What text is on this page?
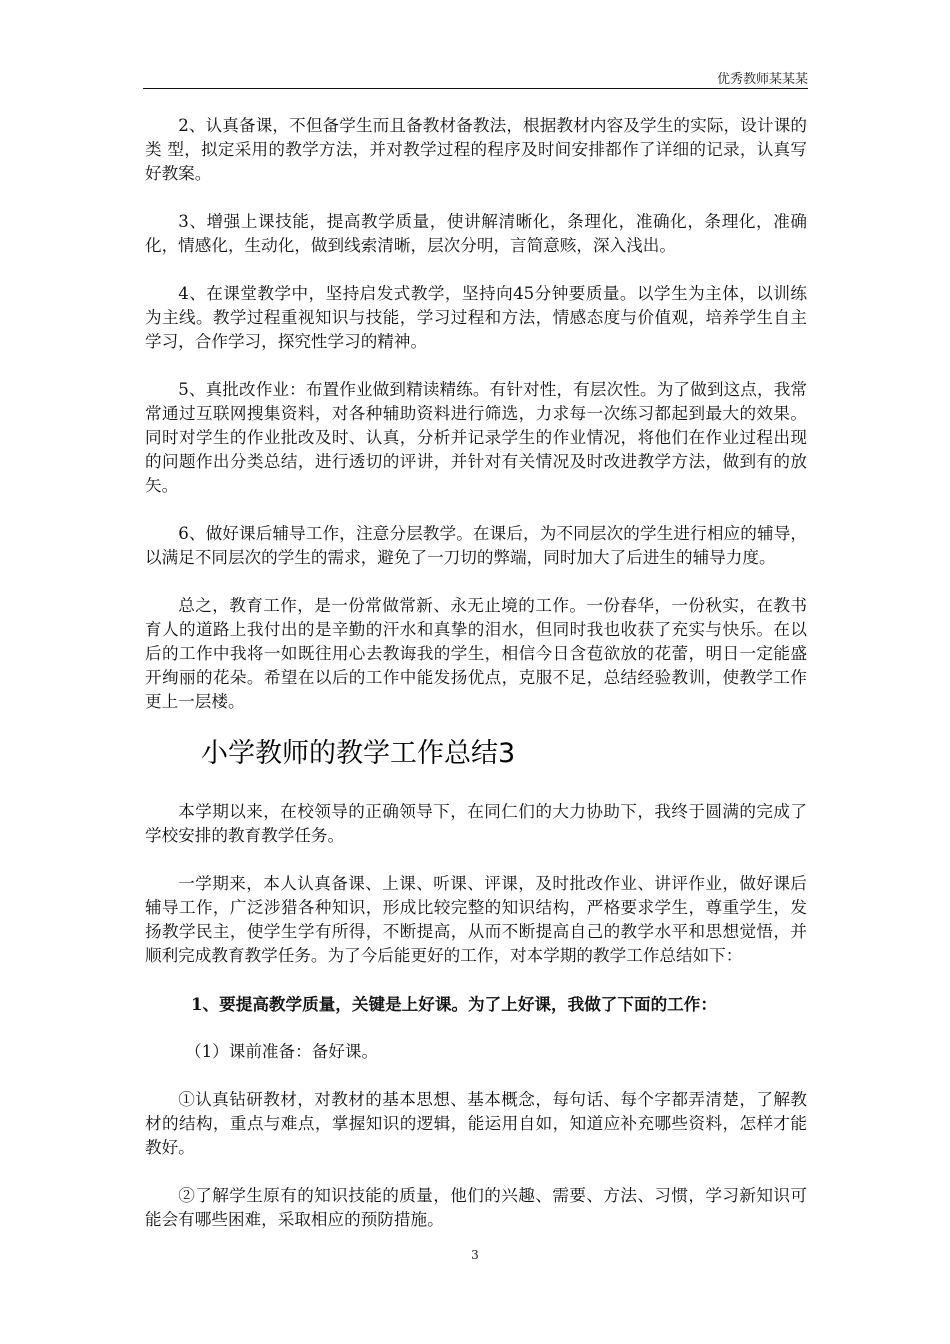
优秀教师某某某

2、认真备课，不但备学生而且备教材备教法，根据教材内容及学生的实际，设计课的类 型，拟定采用的教学方法，并对教学过程的程序及时间安排都作了详细的记录，认真写好教案。

3、增强上课技能，提高教学质量，使讲解清晰化，条理化，准确化，条理化，准确化，情感化，生动化，做到线索清晰，层次分明，言简意赅，深入浅出。

4、在课堂教学中，坚持启发式教学，坚持向45分钟要质量。以学生为主体，以训练为主线。教学过程重视知识与技能，学习过程和方法，情感态度与价值观，培养学生自主学习，合作学习，探究性学习的精神。

5、真批改作业：布置作业做到精读精练。有针对性，有层次性。为了做到这点，我常常通过互联网搜集资料，对各种辅助资料进行筛选，力求每一次练习都起到最大的效果。同时对学生的作业批改及时、认真，分析并记录学生的作业情况，将他们在作业过程出现的问题作出分类总结，进行透切的评讲，并针对有关情况及时改进教学方法，做到有的放矢。

6、做好课后辅导工作，注意分层教学。在课后，为不同层次的学生进行相应的辅导，以满足不同层次的学生的需求，避免了一刀切的弊端，同时加大了后进生的辅导力度。

总之，教育工作，是一份常做常新、永无止境的工作。一份春华，一份秋实，在教书育人的道路上我付出的是辛勤的汗水和真挚的泪水，但同时我也收获了充实与快乐。在以后的工作中我将一如既往用心去教诲我的学生，相信今日含苞欲放的花蕾，明日一定能盛开绚丽的花朵。希望在以后的工作中能发扬优点，克服不足，总结经验教训，使教学工作更上一层楼。

小学教师的教学工作总结3

本学期以来，在校领导的正确领导下，在同仁们的大力协助下，我终于圆满的完成了学校安排的教育教学任务。

一学期来，本人认真备课、上课、听课、评课，及时批改作业、讲评作业，做好课后辅导工作，广泛涉猎各种知识，形成比较完整的知识结构，严格要求学生，尊重学生，发扬教学民主，使学生学有所得，不断提高，从而不断提高自己的教学水平和思想觉悟，并顺利完成教育教学任务。为了今后能更好的工作，对本学期的教学工作总结如下：

1、要提高教学质量，关键是上好课。为了上好课，我做了下面的工作：

（1）课前准备：备好课。

①认真钻研教材，对教材的基本思想、基本概念，每句话、每个字都弄清楚，了解教材的结构，重点与难点，掌握知识的逻辑，能运用自如，知道应补充哪些资料，怎样才能教好。

②了解学生原有的知识技能的质量，他们的兴趣、需要、方法、习惯，学习新知识可能会有哪些困难，采取相应的预防措施。

3
